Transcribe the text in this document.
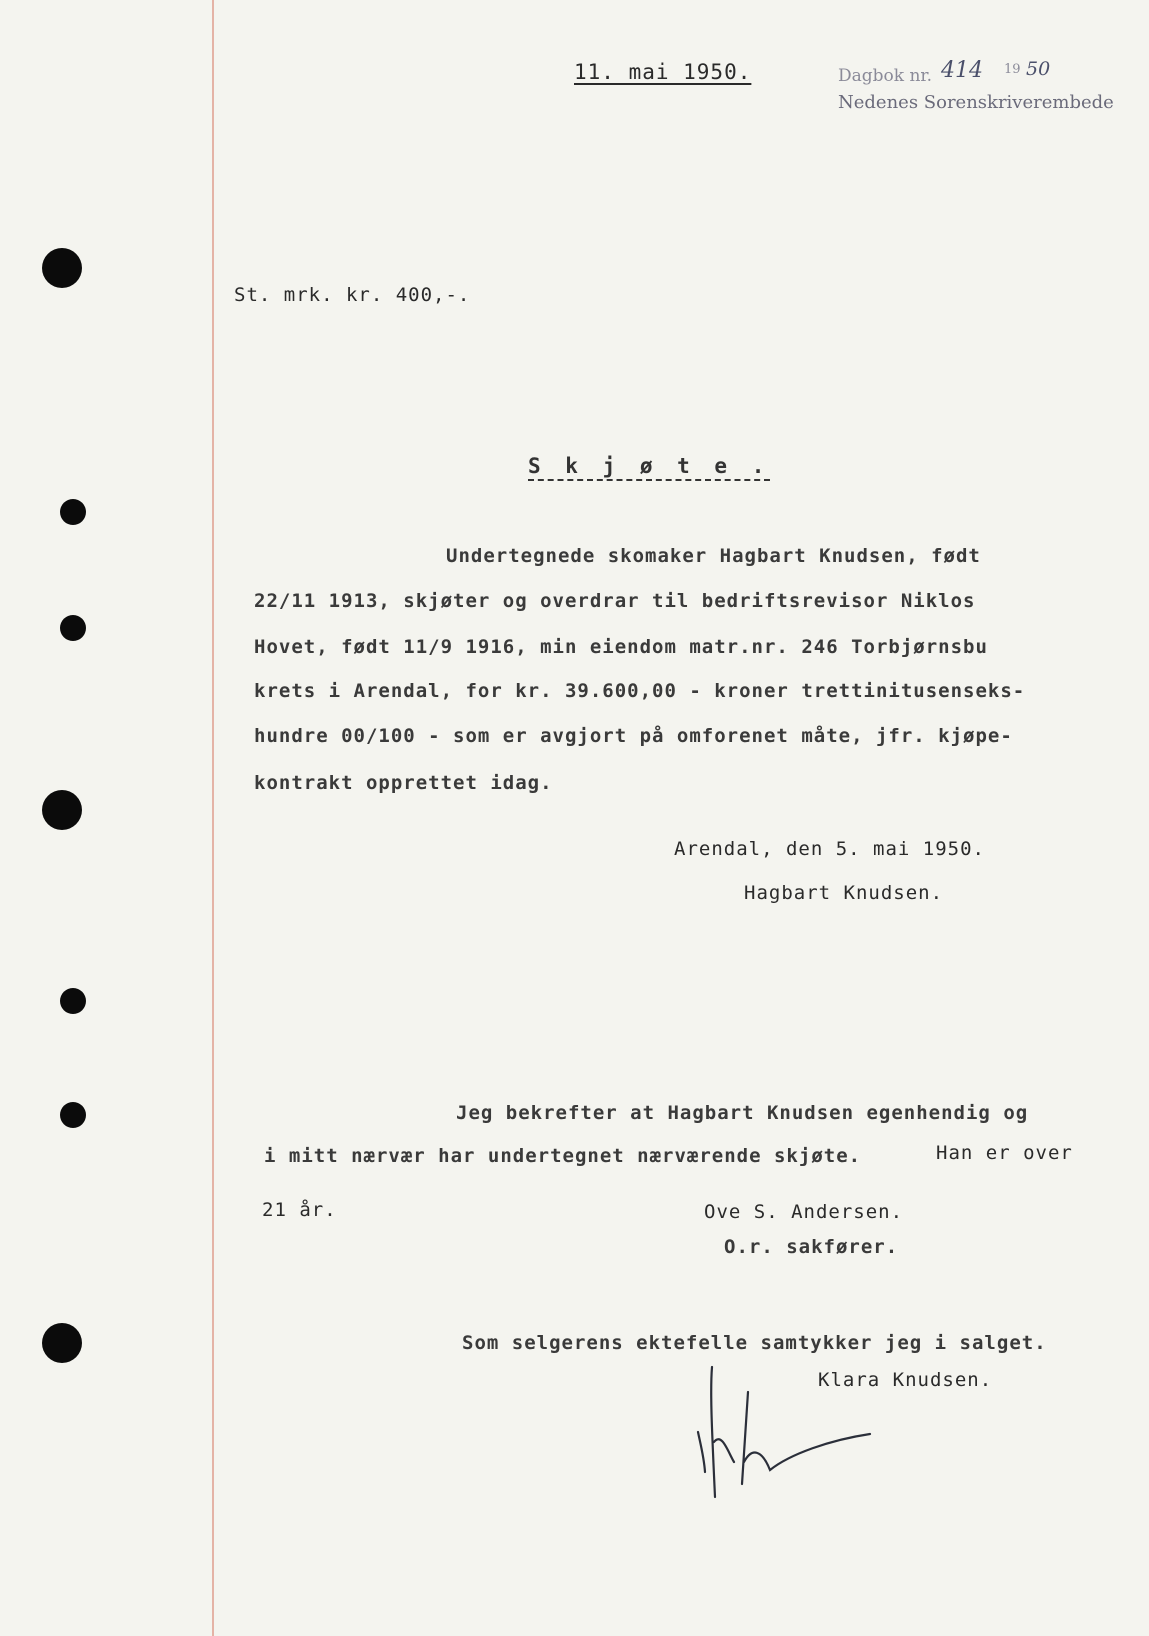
11. mai 1950.	Dagbok nr. 414 19 50
Nedenes Sorenskriverembede
St. mrk. kr. 400,-.
S k j ø t e .
Undertegnede skomaker Hagbart Knudsen, født
22/11 1913, skjøter og overdrar til bedriftsrevisor Niklos
Hovet, født 11/9 1916, min eiendom matr.nr. 246 Torbjørnsbu
krets i Arendal, for kr. 39.600,00 - kroner trettinitusenseks-
hundre 00/100 - som er avgjort på omforenet måte, jfr. kjøpe-
kontrakt opprettet idag.
Arendal, den 5. mai 1950.
Hagbart Knudsen.
Jeg bekrefter at Hagbart Knudsen egenhendig og
i mitt nærvær har undertegnet nærværende skjøte.	Han er over
21 år.	Ove S. Andersen.
O.r. sakfører.
Som selgerens ektefelle samtykker jeg i salget.
Klara Knudsen.
